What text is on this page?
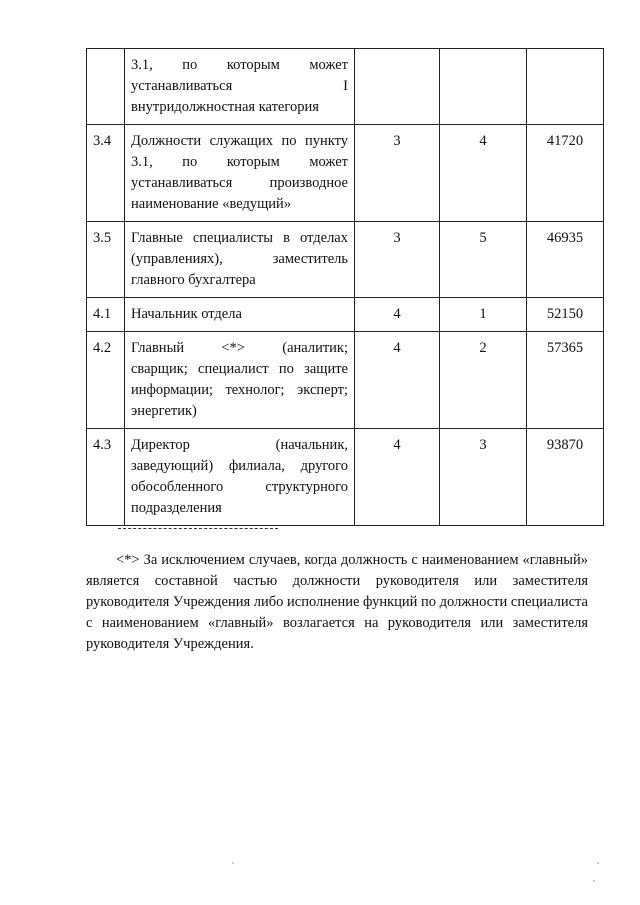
	3.1, по которым может
устанавливаться I
внутридолжностная категория			

3.4	Должности служащих по пункту
3.1, по которым может
устанавливаться производное
наименование «ведущий»	3	4	41720
3.5	Главные специалисты в отделах
(управлениях), заместитель
главного бухгалтера	3	5	46935
4.1	Начальник отдела	4	1	52150
4.2	Главный <*> (аналитик;
сварщик; специалист по защите
информации; технолог; эксперт;
энергетик)	4	2	57365
4.3	Директор (начальник,
заведующий) филиала, другого
обособленного структурного
подразделения	4	3	93870

<*> За исключением случаев, когда должность с наименованием «главный» является составной частью должности руководителя или заместителя руководителя Учреждения либо исполнение функций по должности специалиста с наименованием «главный» возлагается на руководителя или заместителя руководителя Учреждения.
